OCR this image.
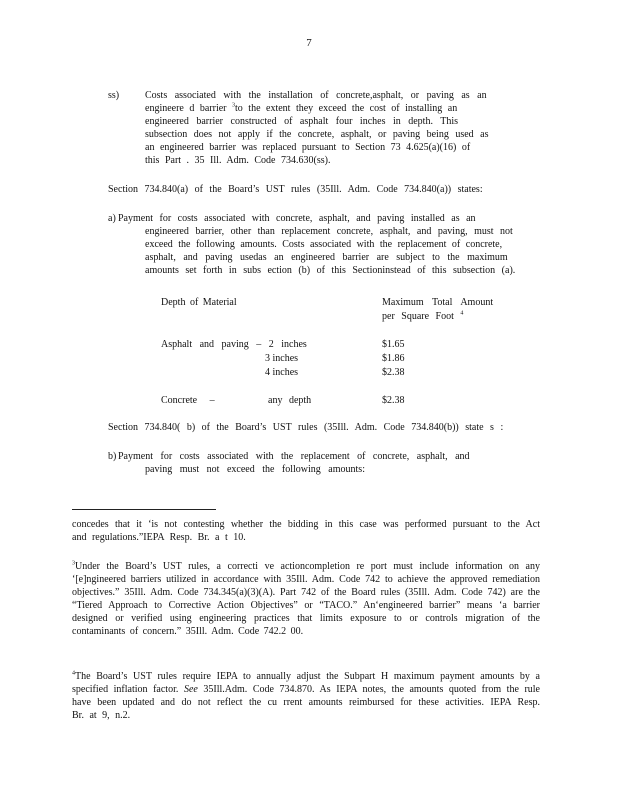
7
ss)	Costs associated with the installation of concrete,asphalt, or paving as an
engineere d barrier $^3$to the extent they exceed the cost of installing an
engineered barrier constructed of asphalt four inches in depth. This
subsection does not apply if the concrete, asphalt, or paving being used as
an engineered barrier was replaced pursuant to Section 73 4.625(a)(16) of
this Part . 35 Ill. Adm. Code 734.630(ss).
Section 734.840(a) of the Board’s UST rules (35Ill. Adm. Code 734.840(a)) states:
a) Payment for costs associated with concrete, asphalt, and paving installed as an
engineered barrier, other than replacement concrete, asphalt, and paving, must not
exceed the following amounts. Costs associated with the replacement of concrete,
asphalt, and paving usedas an engineered barrier are subject to the maximum
amounts set forth in subs ection (b) of this Sectioninstead of this subsection (a).
Depth of Material	Maximum Total Amount
per Square Foot $^4$
Asphalt and paving – 2 inches	$1.65
3 inches	$1.86
4 inches	$2.38
Concrete –	any depth	$2.38
Section 734.840( b) of the Board’s UST rules (35Ill. Adm. Code 734.840(b)) state s :
b) Payment for costs associated with the replacement of concrete, asphalt, and
paving must not exceed the following amounts:
concedes that it ‘is not contesting whether the bidding in this case was performed pursuant to the Act and regulations.”IEPA Resp. Br. a t 10.
$^3$Under the Board’s UST rules, a correcti ve actioncompletion re port must include information on any ‘[e]ngineered barriers utilized in accordance with 35Ill. Adm. Code 742 to achieve the approved remediation objectives.” 35Ill. Adm. Code 734.345(a)(3)(A). Part 742 of the Board rules (35Ill. Adm. Code 742) are the “Tiered Approach to Corrective Action Objectives” or “TACO.” An‘engineered barrier” means ‘a barrier designed or verified using engineering practices that limits exposure to or controls migration of the contaminants of concern.” 35Ill. Adm. Code 742.2 00.
$^4$The Board’s UST rules require IEPA to annually adjust the Subpart H maximum payment amounts by a specified inflation factor. See 35Ill.Adm. Code 734.870. As IEPA notes, the amounts quoted from the rule have been updated and do not reflect the cu rrent amounts reimbursed for these activities. IEPA Resp. Br. at 9, n.2.
